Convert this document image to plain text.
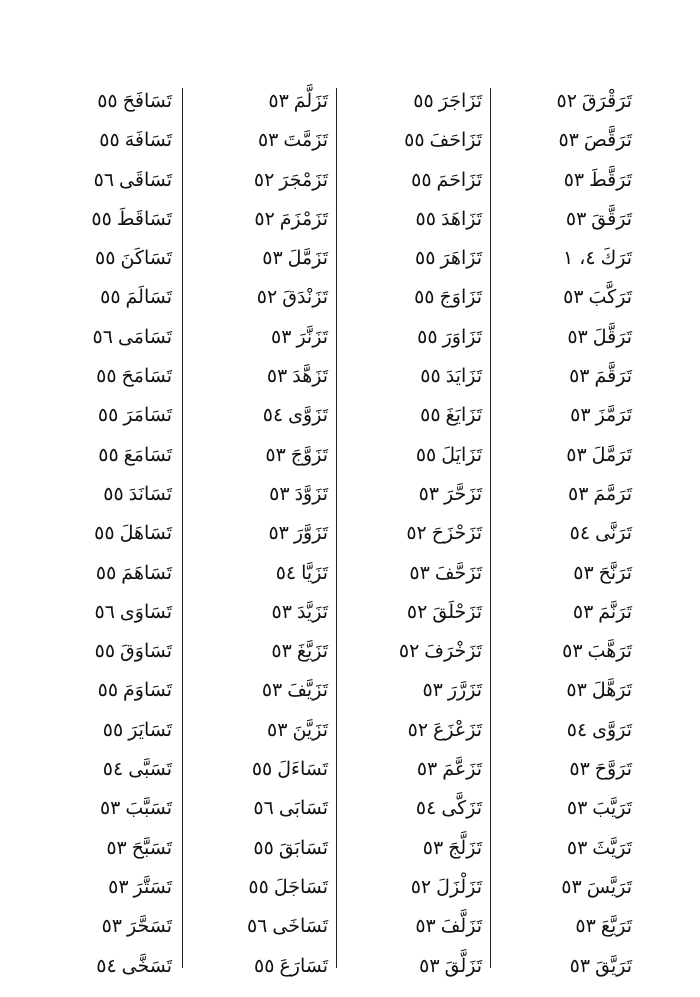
تَرَقْرَقَ٥٢
تَرَقَّصَ٥٣
تَرَقَّطَ٥٣
تَرَقَّقَ٥٣
تَرَكَ٤، ١
تَرَكَّبَ٥٣
تَرَقَّلَ٥٣
تَرَقَّمَ٥٣
تَرَمَّزَ٥٣
تَرَمَّلَ٥٣
تَرَمَّمَ٥٣
تَرَنَّى٥٤
تَرَنَّحَ٥٣
تَرَنَّمَ٥٣
تَرَهَّبَ٥٣
تَرَهَّلَ٥٣
تَرَوَّى٥٤
تَرَوَّحَ٥٣
تَرَيَّبَ٥٣
تَرَيَّثَ٥٣
تَرَيَّسَ٥٣
تَرَيَّعَ٥٣
تَرَيَّقَ٥٣
تَزَاجَرَ٥٥
تَزَاحَفَ٥٥
تَزَاحَمَ٥٥
تَزَاهَدَ٥٥
تَزَاهَرَ٥٥
تَزَاوَجَ٥٥
تَزَاوَرَ٥٥
تَزَايَدَ٥٥
تَزَايَغَ٥٥
تَزَايَلَ٥٥
تَزَحَّرَ٥٣
تَزَحْزَحَ٥٢
تَزَحَّفَ٥٣
تَزَحْلَقَ٥٢
تَزَخْرَفَ٥٢
تَزَرَّرَ٥٣
تَزَعْزَعَ٥٢
تَزَعَّمَ٥٣
تَزَكَّى٥٤
تَزَلَّجَ٥٣
تَزَلْزَلَ٥٢
تَزَلَّفَ٥٣
تَزَلَّقَ٥٣
تَزَلَّمَ٥٣
تَزَمَّتَ٥٣
تَزَمْجَرَ٥٢
تَزَمْزَمَ٥٢
تَزَمَّلَ٥٣
تَزَنْدَقَ٥٢
تَزَنَّرَ٥٣
تَزَهَّدَ٥٣
تَزَوَّى٥٤
تَزَوَّجَ٥٣
تَزَوَّدَ٥٣
تَزَوَّرَ٥٣
تَزَيَّا٥٤
تَزَيَّدَ٥٣
تَزَيَّغَ٥٣
تَزَيَّفَ٥٣
تَزَيَّنَ٥٣
تَسَاءَلَ٥٥
تَسَابَى٥٦
تَسَابَقَ٥٥
تَسَاجَلَ٥٥
تَسَاخَى٥٦
تَسَارَعَ٥٥
تَسَافَحَ٥٥
تَسَافَهَ٥٥
تَسَاقَى٥٦
تَسَاقَطَ٥٥
تَسَاكَنَ٥٥
تَسَالَمَ٥٥
تَسَامَى٥٦
تَسَامَحَ٥٥
تَسَامَرَ٥٥
تَسَامَعَ٥٥
تَسَانَدَ٥٥
تَسَاهَلَ٥٥
تَسَاهَمَ٥٥
تَسَاوَى٥٦
تَسَاوَقَ٥٥
تَسَاوَمَ٥٥
تَسَايَرَ٥٥
تَسَبَّى٥٤
تَسَبَّبَ٥٣
تَسَبَّحَ٥٣
تَسَتَّرَ٥٣
تَسَحَّرَ٥٣
تَسَخَّى٥٤
